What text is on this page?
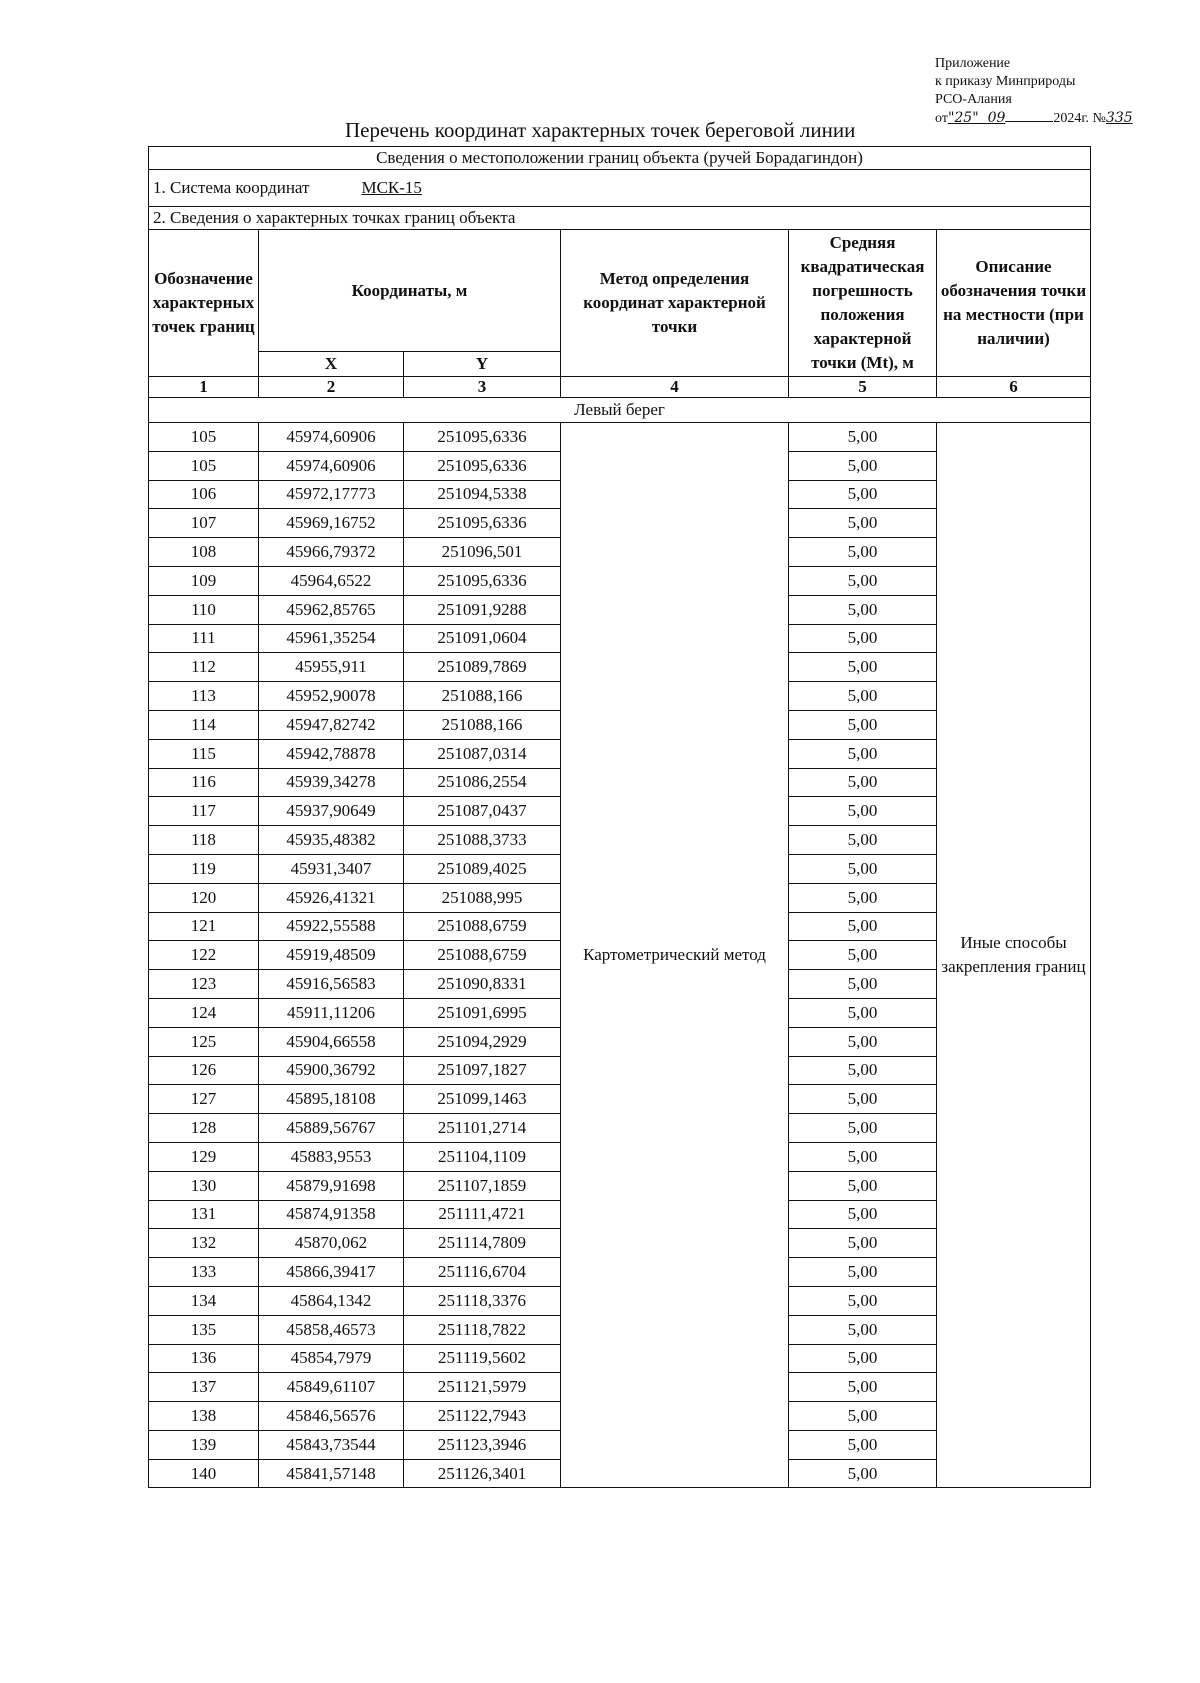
Приложение
к приказу Минприроды
РСО-Алания
от"25"  09	2024г. №335
Перечень координат характерных точек береговой линии
Сведения о местоположении границ объекта (ручей Борадагиндон)					
1. Система координат МСК-15					
2. Сведения о характерных точках границ объекта					
Обозначение характерных точек границ	Координаты, м		Метод определения координат характерной точки	Средняя квадратическая погрешность положения характерной точки (Mt), м	Описание обозначения точки на местности (при наличии)
	X	Y			
1	2	3	4	5	6
Левый берег					
105	45974,60906	251095,6336	Картометрический метод	5,00	Иные способы закрепления границ
105	45974,60906	251095,6336		5,00	
106	45972,17773	251094,5338		5,00	
107	45969,16752	251095,6336		5,00	
108	45966,79372	251096,501		5,00	
109	45964,6522	251095,6336		5,00	
110	45962,85765	251091,9288		5,00	
111	45961,35254	251091,0604		5,00	
112	45955,911	251089,7869		5,00	
113	45952,90078	251088,166		5,00	
114	45947,82742	251088,166		5,00	
115	45942,78878	251087,0314		5,00	
116	45939,34278	251086,2554		5,00	
117	45937,90649	251087,0437		5,00	
118	45935,48382	251088,3733		5,00	
119	45931,3407	251089,4025		5,00	
120	45926,41321	251088,995		5,00	
121	45922,55588	251088,6759		5,00	
122	45919,48509	251088,6759		5,00	
123	45916,56583	251090,8331		5,00	
124	45911,11206	251091,6995		5,00	
125	45904,66558	251094,2929		5,00	
126	45900,36792	251097,1827		5,00	
127	45895,18108	251099,1463		5,00	
128	45889,56767	251101,2714		5,00	
129	45883,9553	251104,1109		5,00	
130	45879,91698	251107,1859		5,00	
131	45874,91358	251111,4721		5,00	
132	45870,062	251114,7809		5,00	
133	45866,39417	251116,6704		5,00	
134	45864,1342	251118,3376		5,00	
135	45858,46573	251118,7822		5,00	
136	45854,7979	251119,5602		5,00	
137	45849,61107	251121,5979		5,00	
138	45846,56576	251122,7943		5,00	
139	45843,73544	251123,3946		5,00	
140	45841,57148	251126,3401		5,00	
